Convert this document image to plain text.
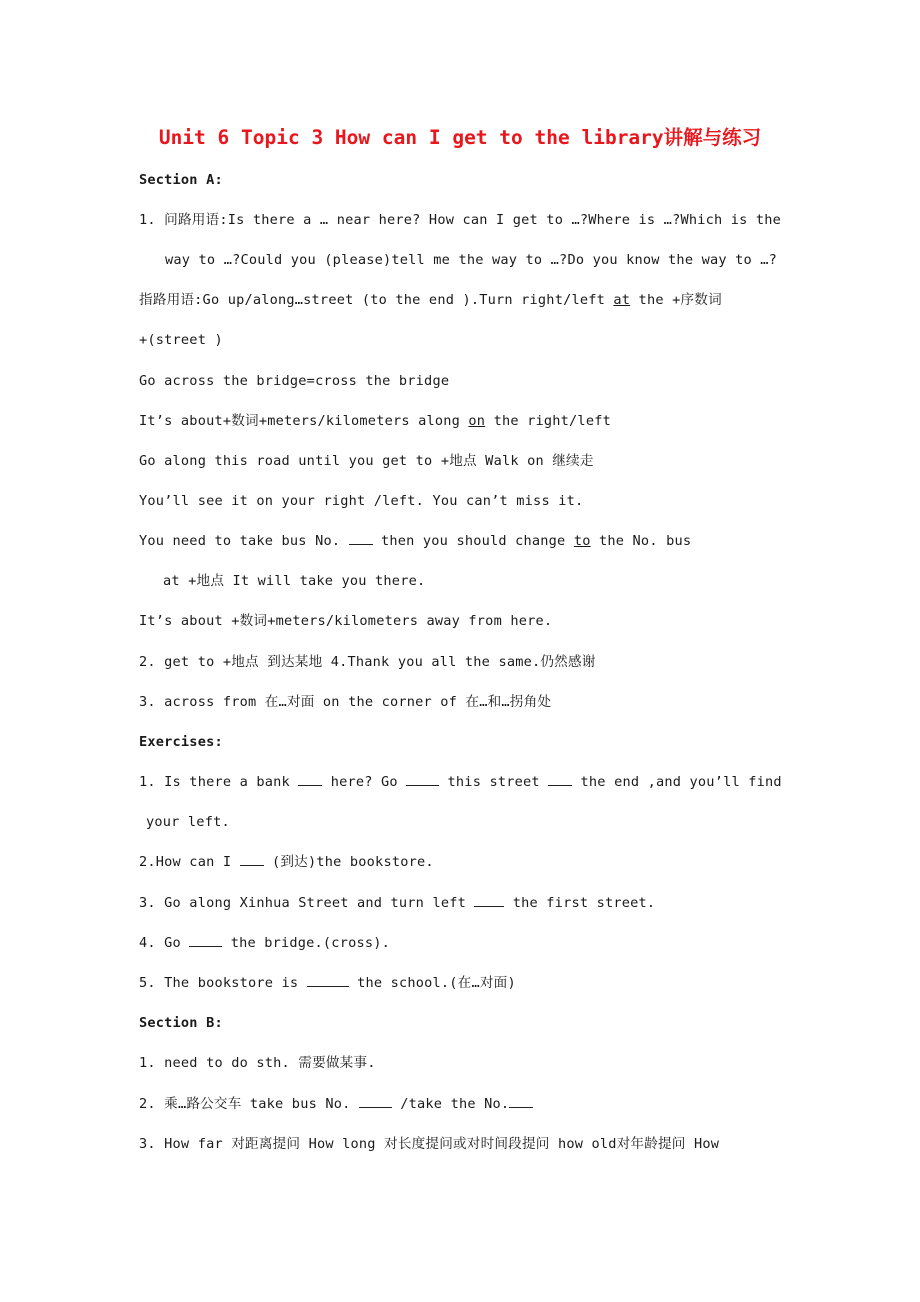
Unit 6 Topic 3 How can I get to the library讲解与练习
Section A:
1. 问路用语:Is there a … near here? How can I get to …?Where is …?Which is the
way to …?Could you (please)tell me the way to …?Do you know the way to …?
指路用语:Go up/along…street (to the end ).Turn right/left at the +序数词
+(street )
Go across the bridge=cross the bridge
It’s about+数词+meters/kilometers along on the right/left
Go along this road until you get to +地点 Walk on 继续走
You’ll see it on your right /left. You can’t miss it.
You need to take bus No.  then you should change to the No. bus
at +地点 It will take you there.
It’s about +数词+meters/kilometers away from here.
2. get to +地点 到达某地 4.Thank you all the same.仍然感谢
3. across from 在…对面 on the corner of 在…和…拐角处
Exercises:
1. Is there a bank  here? Go  this street  the end ,and you’ll find
your left.
2.How can I  (到达)the bookstore.
3. Go along Xinhua Street and turn left  the first street.
4. Go  the bridge.(cross).
5. The bookstore is	the school.(在…对面)
Section B:
1. need to do sth. 需要做某事.
2. 乘…路公交车 take bus No.  /take the No.
3. How far 对距离提问 How long 对长度提问或对时间段提问 how old对年龄提问 How
